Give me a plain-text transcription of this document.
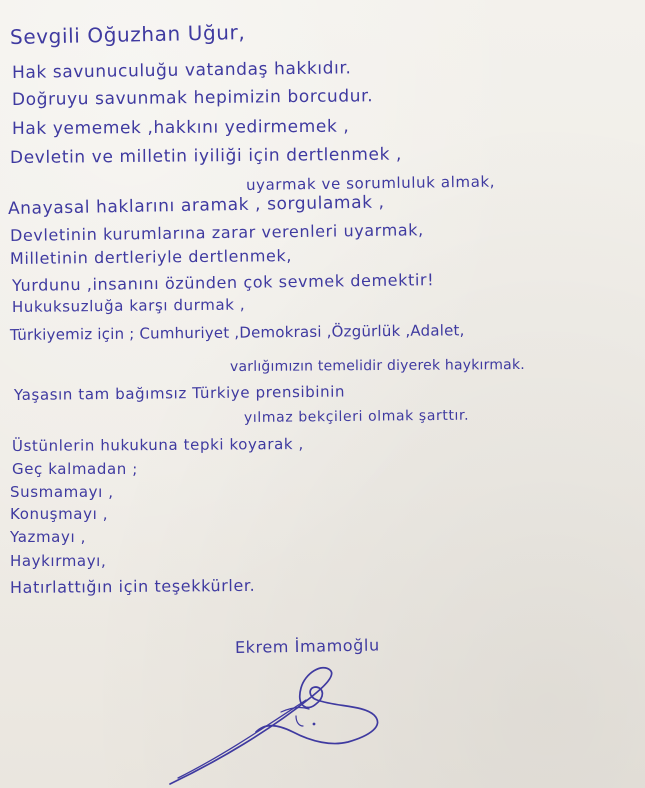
Sevgili Oğuzhan Uğur,
Hak savunuculuğu vatandaş hakkıdır.
Doğruyu savunmak hepimizin borcudur.
Hak yememek ,hakkını yedirmemek ,
Devletin ve milletin iyiliği için dertlenmek ,
uyarmak ve sorumluluk almak,
Anayasal haklarını aramak , sorgulamak ,
Devletinin kurumlarına zarar verenleri uyarmak,
Milletinin dertleriyle dertlenmek,
Yurdunu ,insanını özünden çok sevmek demektir!
Hukuksuzluğa karşı durmak ,
Türkiyemiz için ; Cumhuriyet ,Demokrasi ,Özgürlük ,Adalet,
varlığımızın temelidir diyerek haykırmak.
Yaşasın tam bağımsız Türkiye prensibinin
yılmaz bekçileri olmak şarttır.
Üstünlerin hukukuna tepki koyarak ,
Geç kalmadan ;
Susmamayı ,
Konuşmayı ,
Yazmayı ,
Haykırmayı,
Hatırlattığın için teşekkürler.
Ekrem İmamoğlu
